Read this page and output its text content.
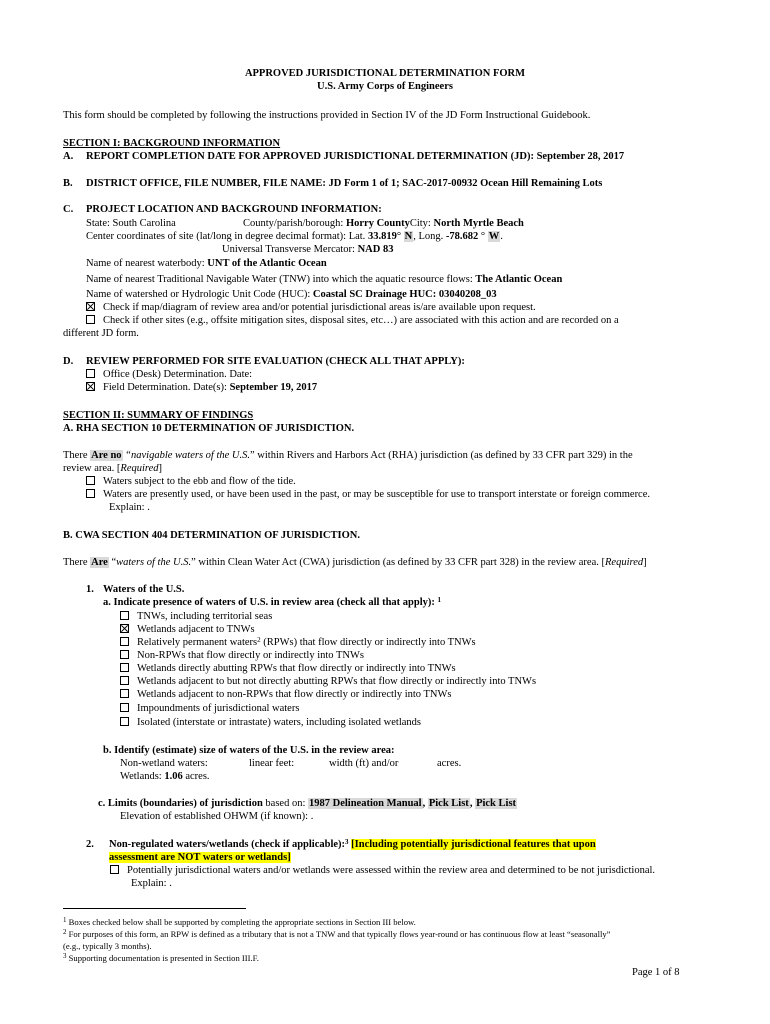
APPROVED JURISDICTIONAL DETERMINATION FORM
U.S. Army Corps of Engineers
This form should be completed by following the instructions provided in Section IV of the JD Form Instructional Guidebook.
SECTION I: BACKGROUND INFORMATION
A. REPORT COMPLETION DATE FOR APPROVED JURISDICTIONAL DETERMINATION (JD): September 28, 2017
B. DISTRICT OFFICE, FILE NUMBER, FILE NAME: JD Form 1 of 1; SAC-2017-00932 Ocean Hill Remaining Lots
C. PROJECT LOCATION AND BACKGROUND INFORMATION:
State: South Carolina	County/parish/borough: Horry CountyCity: North Myrtle Beach
Center coordinates of site (lat/long in degree decimal format): Lat. 33.819° N, Long. -78.682 ° W.
Universal Transverse Mercator: NAD 83
Name of nearest waterbody: UNT of the Atlantic Ocean
Name of nearest Traditional Navigable Water (TNW) into which the aquatic resource flows: The Atlantic Ocean
Name of watershed or Hydrologic Unit Code (HUC): Coastal SC Drainage HUC: 03040208_03
Check if map/diagram of review area and/or potential jurisdictional areas is/are available upon request.
Check if other sites (e.g., offsite mitigation sites, disposal sites, etc…) are associated with this action and are recorded on a
different JD form.
D. REVIEW PERFORMED FOR SITE EVALUATION (CHECK ALL THAT APPLY):
Office (Desk) Determination. Date:
Field Determination. Date(s): September 19, 2017
SECTION II: SUMMARY OF FINDINGS
A. RHA SECTION 10 DETERMINATION OF JURISDICTION.
There Are no “navigable waters of the U.S.” within Rivers and Harbors Act (RHA) jurisdiction (as defined by 33 CFR part 329) in the
review area. [Required]
Waters subject to the ebb and flow of the tide.
Waters are presently used, or have been used in the past, or may be susceptible for use to transport interstate or foreign commerce.
Explain: .
B. CWA SECTION 404 DETERMINATION OF JURISDICTION.
There Are “waters of the U.S.” within Clean Water Act (CWA) jurisdiction (as defined by 33 CFR part 328) in the review area. [Required]
1. Waters of the U.S.
a. Indicate presence of waters of U.S. in review area (check all that apply): $^1$
TNWs, including territorial seas
Wetlands adjacent to TNWs
Relatively permanent waters$^2$ (RPWs) that flow directly or indirectly into TNWs
Non-RPWs that flow directly or indirectly into TNWs
Wetlands directly abutting RPWs that flow directly or indirectly into TNWs
Wetlands adjacent to but not directly abutting RPWs that flow directly or indirectly into TNWs
Wetlands adjacent to non-RPWs that flow directly or indirectly into TNWs
Impoundments of jurisdictional waters
Isolated (interstate or intrastate) waters, including isolated wetlands
b. Identify (estimate) size of waters of the U.S. in the review area:
Non-wetland waters:	linear feet:	width (ft) and/or	acres.
Wetlands: 1.06 acres.
c. Limits (boundaries) of jurisdiction based on: 1987 Delineation Manual, Pick List, Pick List
Elevation of established OHWM (if known): .
2. Non-regulated waters/wetlands (check if applicable):$^3$ [Including potentially jurisdictional features that upon
assessment are NOT waters or wetlands]
Potentially jurisdictional waters and/or wetlands were assessed within the review area and determined to be not jurisdictional.
Explain: .
$^1$ Boxes checked below shall be supported by completing the appropriate sections in Section III below.
$^2$ For purposes of this form, an RPW is defined as a tributary that is not a TNW and that typically flows year-round or has continuous flow at least “seasonally”
(e.g., typically 3 months).
$^3$ Supporting documentation is presented in Section III.F.
Page 1 of 8
